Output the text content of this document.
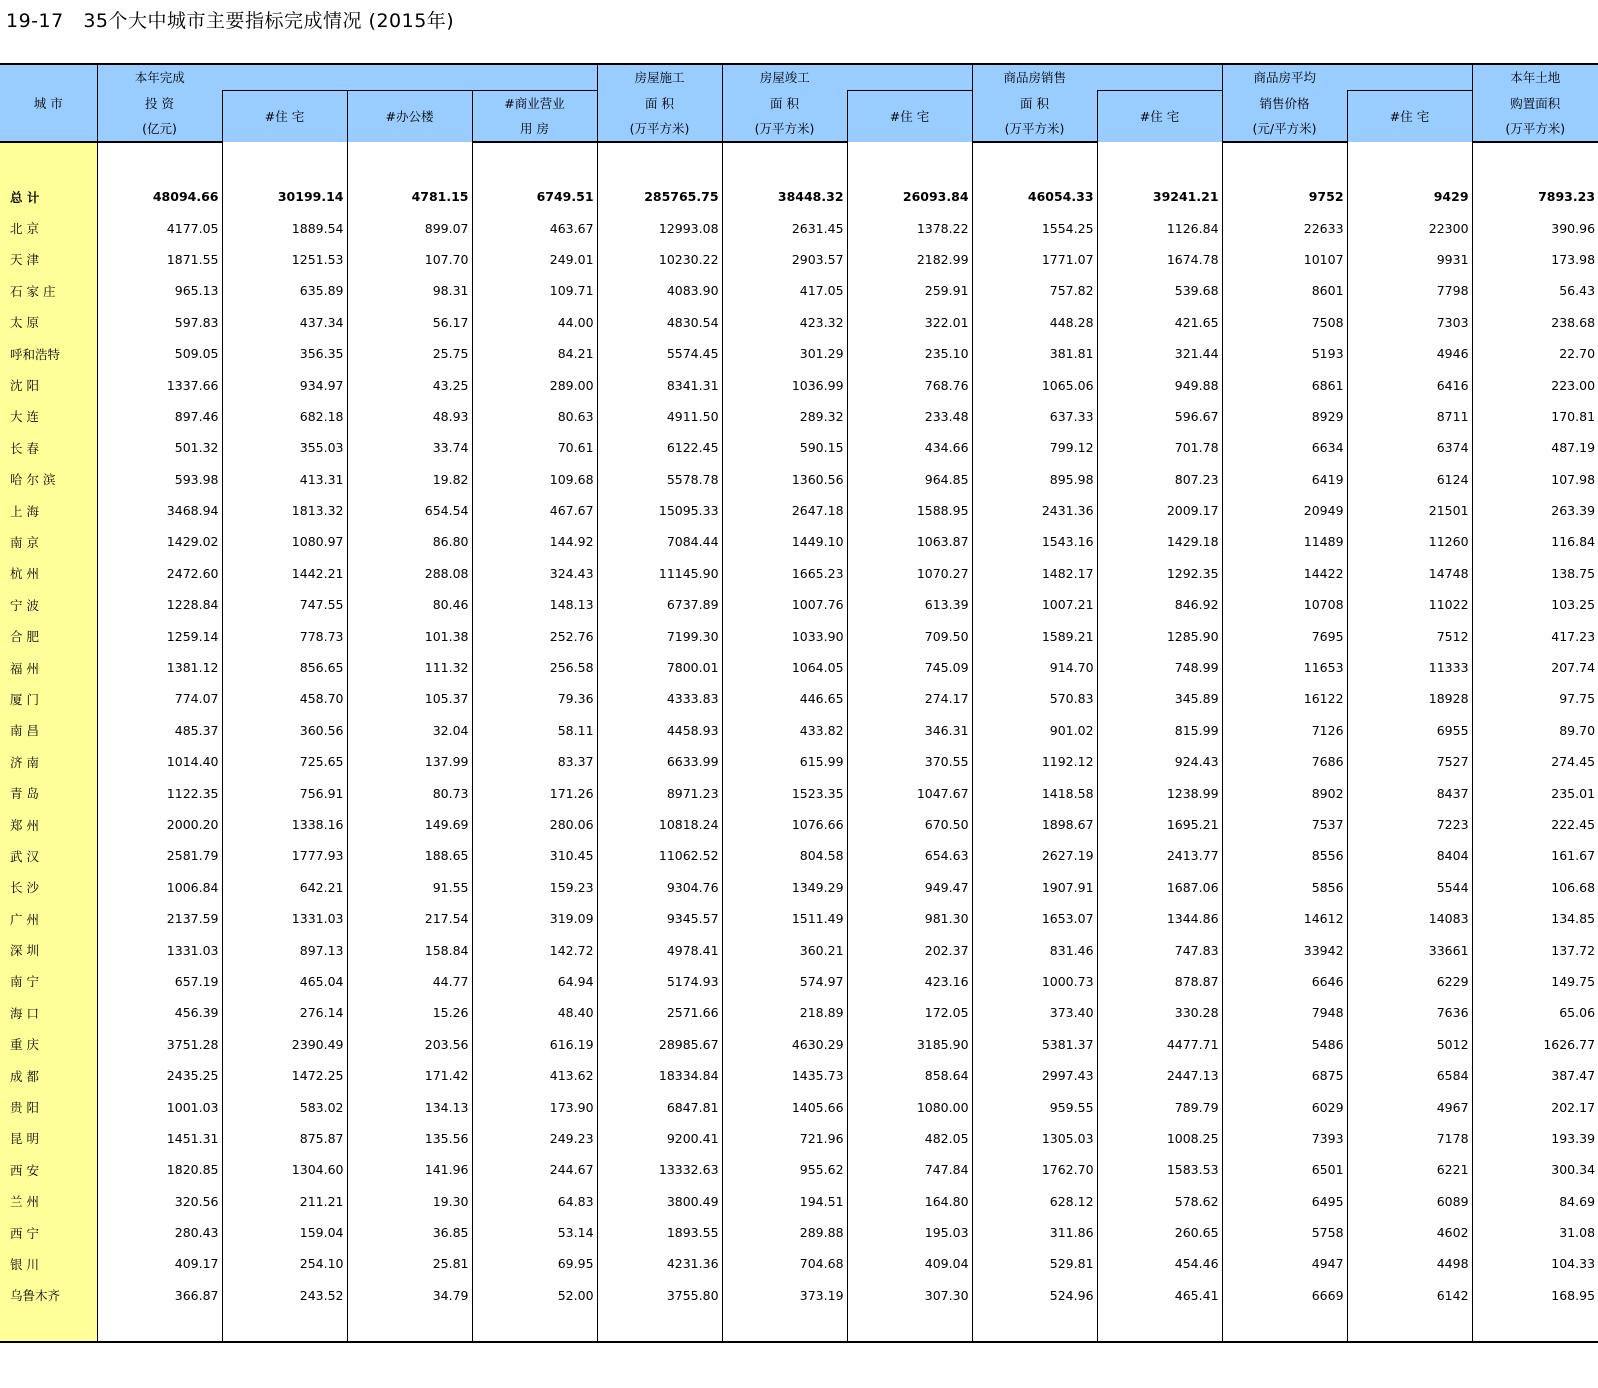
19-17   35个大中城市主要指标完成情况 (2015年)
城 市	本年完成				房屋施工	房屋竣工		商品房销售		商品房平均		本年土地
	投 资	#住 宅	#办公楼	#商业营业	面 积	面 积	#住 宅	面 积	#住 宅	销售价格	#住 宅	购置面积
	(亿元)			用 房	(万平方米)	(万平方米)		(万平方米)		(元/平方米)		(万平方米)

总 计	48094.66	30199.14	4781.15	6749.51	285765.75	38448.32	26093.84	46054.33	39241.21	9752	9429	7893.23
北 京	4177.05	1889.54	899.07	463.67	12993.08	2631.45	1378.22	1554.25	1126.84	22633	22300	390.96
天 津	1871.55	1251.53	107.70	249.01	10230.22	2903.57	2182.99	1771.07	1674.78	10107	9931	173.98
石 家 庄	965.13	635.89	98.31	109.71	4083.90	417.05	259.91	757.82	539.68	8601	7798	56.43
太 原	597.83	437.34	56.17	44.00	4830.54	423.32	322.01	448.28	421.65	7508	7303	238.68
呼和浩特	509.05	356.35	25.75	84.21	5574.45	301.29	235.10	381.81	321.44	5193	4946	22.70
沈 阳	1337.66	934.97	43.25	289.00	8341.31	1036.99	768.76	1065.06	949.88	6861	6416	223.00
大 连	897.46	682.18	48.93	80.63	4911.50	289.32	233.48	637.33	596.67	8929	8711	170.81
长 春	501.32	355.03	33.74	70.61	6122.45	590.15	434.66	799.12	701.78	6634	6374	487.19
哈 尔 滨	593.98	413.31	19.82	109.68	5578.78	1360.56	964.85	895.98	807.23	6419	6124	107.98
上 海	3468.94	1813.32	654.54	467.67	15095.33	2647.18	1588.95	2431.36	2009.17	20949	21501	263.39
南 京	1429.02	1080.97	86.80	144.92	7084.44	1449.10	1063.87	1543.16	1429.18	11489	11260	116.84
杭 州	2472.60	1442.21	288.08	324.43	11145.90	1665.23	1070.27	1482.17	1292.35	14422	14748	138.75
宁 波	1228.84	747.55	80.46	148.13	6737.89	1007.76	613.39	1007.21	846.92	10708	11022	103.25
合 肥	1259.14	778.73	101.38	252.76	7199.30	1033.90	709.50	1589.21	1285.90	7695	7512	417.23
福 州	1381.12	856.65	111.32	256.58	7800.01	1064.05	745.09	914.70	748.99	11653	11333	207.74
厦 门	774.07	458.70	105.37	79.36	4333.83	446.65	274.17	570.83	345.89	16122	18928	97.75
南 昌	485.37	360.56	32.04	58.11	4458.93	433.82	346.31	901.02	815.99	7126	6955	89.70
济 南	1014.40	725.65	137.99	83.37	6633.99	615.99	370.55	1192.12	924.43	7686	7527	274.45
青 岛	1122.35	756.91	80.73	171.26	8971.23	1523.35	1047.67	1418.58	1238.99	8902	8437	235.01
郑 州	2000.20	1338.16	149.69	280.06	10818.24	1076.66	670.50	1898.67	1695.21	7537	7223	222.45
武 汉	2581.79	1777.93	188.65	310.45	11062.52	804.58	654.63	2627.19	2413.77	8556	8404	161.67
长 沙	1006.84	642.21	91.55	159.23	9304.76	1349.29	949.47	1907.91	1687.06	5856	5544	106.68
广 州	2137.59	1331.03	217.54	319.09	9345.57	1511.49	981.30	1653.07	1344.86	14612	14083	134.85
深 圳	1331.03	897.13	158.84	142.72	4978.41	360.21	202.37	831.46	747.83	33942	33661	137.72
南 宁	657.19	465.04	44.77	64.94	5174.93	574.97	423.16	1000.73	878.87	6646	6229	149.75
海 口	456.39	276.14	15.26	48.40	2571.66	218.89	172.05	373.40	330.28	7948	7636	65.06
重 庆	3751.28	2390.49	203.56	616.19	28985.67	4630.29	3185.90	5381.37	4477.71	5486	5012	1626.77
成 都	2435.25	1472.25	171.42	413.62	18334.84	1435.73	858.64	2997.43	2447.13	6875	6584	387.47
贵 阳	1001.03	583.02	134.13	173.90	6847.81	1405.66	1080.00	959.55	789.79	6029	4967	202.17
昆 明	1451.31	875.87	135.56	249.23	9200.41	721.96	482.05	1305.03	1008.25	7393	7178	193.39
西 安	1820.85	1304.60	141.96	244.67	13332.63	955.62	747.84	1762.70	1583.53	6501	6221	300.34
兰 州	320.56	211.21	19.30	64.83	3800.49	194.51	164.80	628.12	578.62	6495	6089	84.69
西 宁	280.43	159.04	36.85	53.14	1893.55	289.88	195.03	311.86	260.65	5758	4602	31.08
银 川	409.17	254.10	25.81	69.95	4231.36	704.68	409.04	529.81	454.46	4947	4498	104.33
乌鲁木齐	366.87	243.52	34.79	52.00	3755.80	373.19	307.30	524.96	465.41	6669	6142	168.95
